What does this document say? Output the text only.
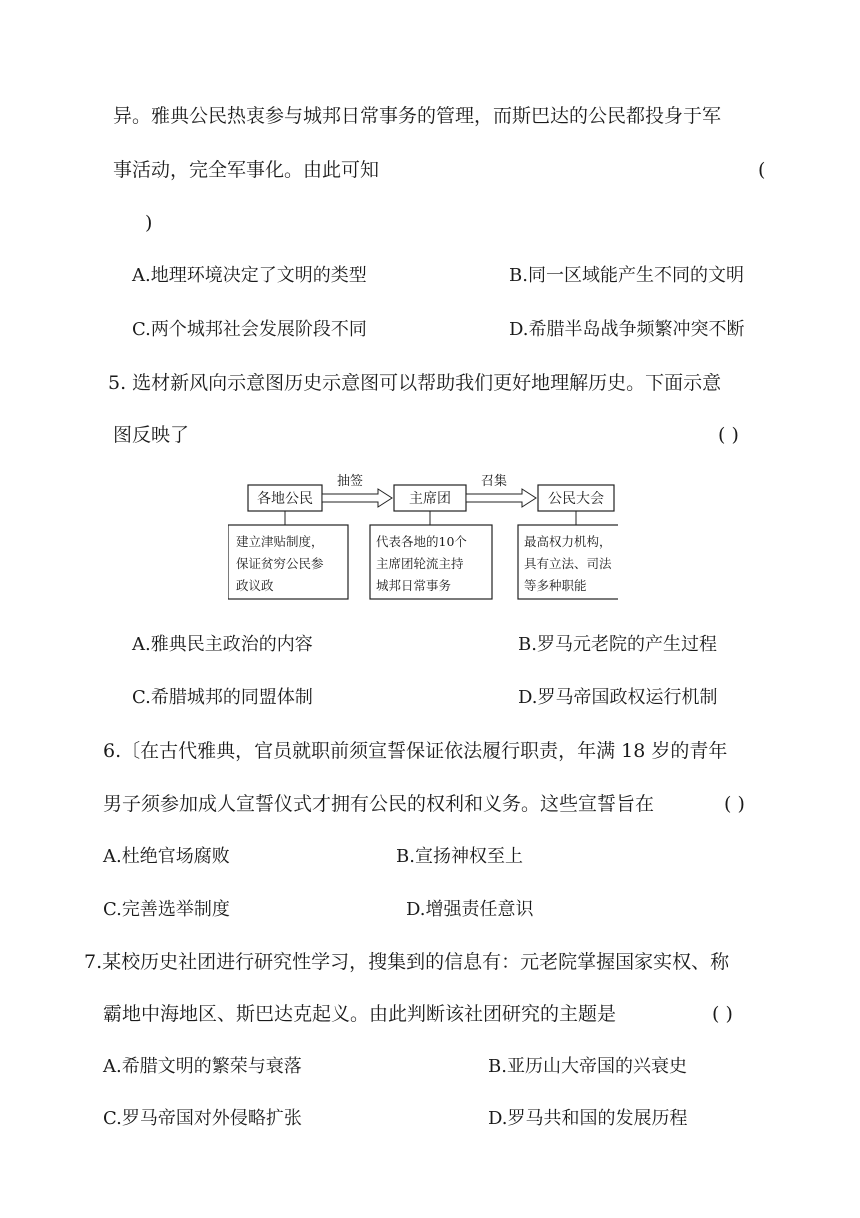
异。雅典公民热衷参与城邦日常事务的管理，而斯巴达的公民都投身于军
事活动，完全军事化。由此可知	(
)
A.地理环境决定了文明的类型	B.同一区域能产生不同的文明
C.两个城邦社会发展阶段不同	D.希腊半岛战争频繁冲突不断
5. 选材新风向示意图历史示意图可以帮助我们更好地理解历史。下面示意
图反映了	( )
各地公民	主席团	公民大会
抽签	召集
建立津贴制度，
保证贫穷公民参
政议政
代表各地的10个
主席团轮流主持
城邦日常事务
最高权力机构，
具有立法、司法
等多种职能
A.雅典民主政治的内容	B.罗马元老院的产生过程
C.希腊城邦的同盟体制	D.罗马帝国政权运行机制
6.〔在古代雅典，官员就职前须宣誓保证依法履行职责，年满 18 岁的青年
男子须参加成人宣誓仪式才拥有公民的权利和义务。这些宣誓旨在	( )
A.杜绝官场腐败	B.宣扬神权至上
C.完善选举制度	D.增强责任意识
7.某校历史社团进行研究性学习，搜集到的信息有：元老院掌握国家实权、称
霸地中海地区、斯巴达克起义。由此判断该社团研究的主题是	( )
A.希腊文明的繁荣与衰落	B.亚历山大帝国的兴衰史
C.罗马帝国对外侵略扩张	D.罗马共和国的发展历程
